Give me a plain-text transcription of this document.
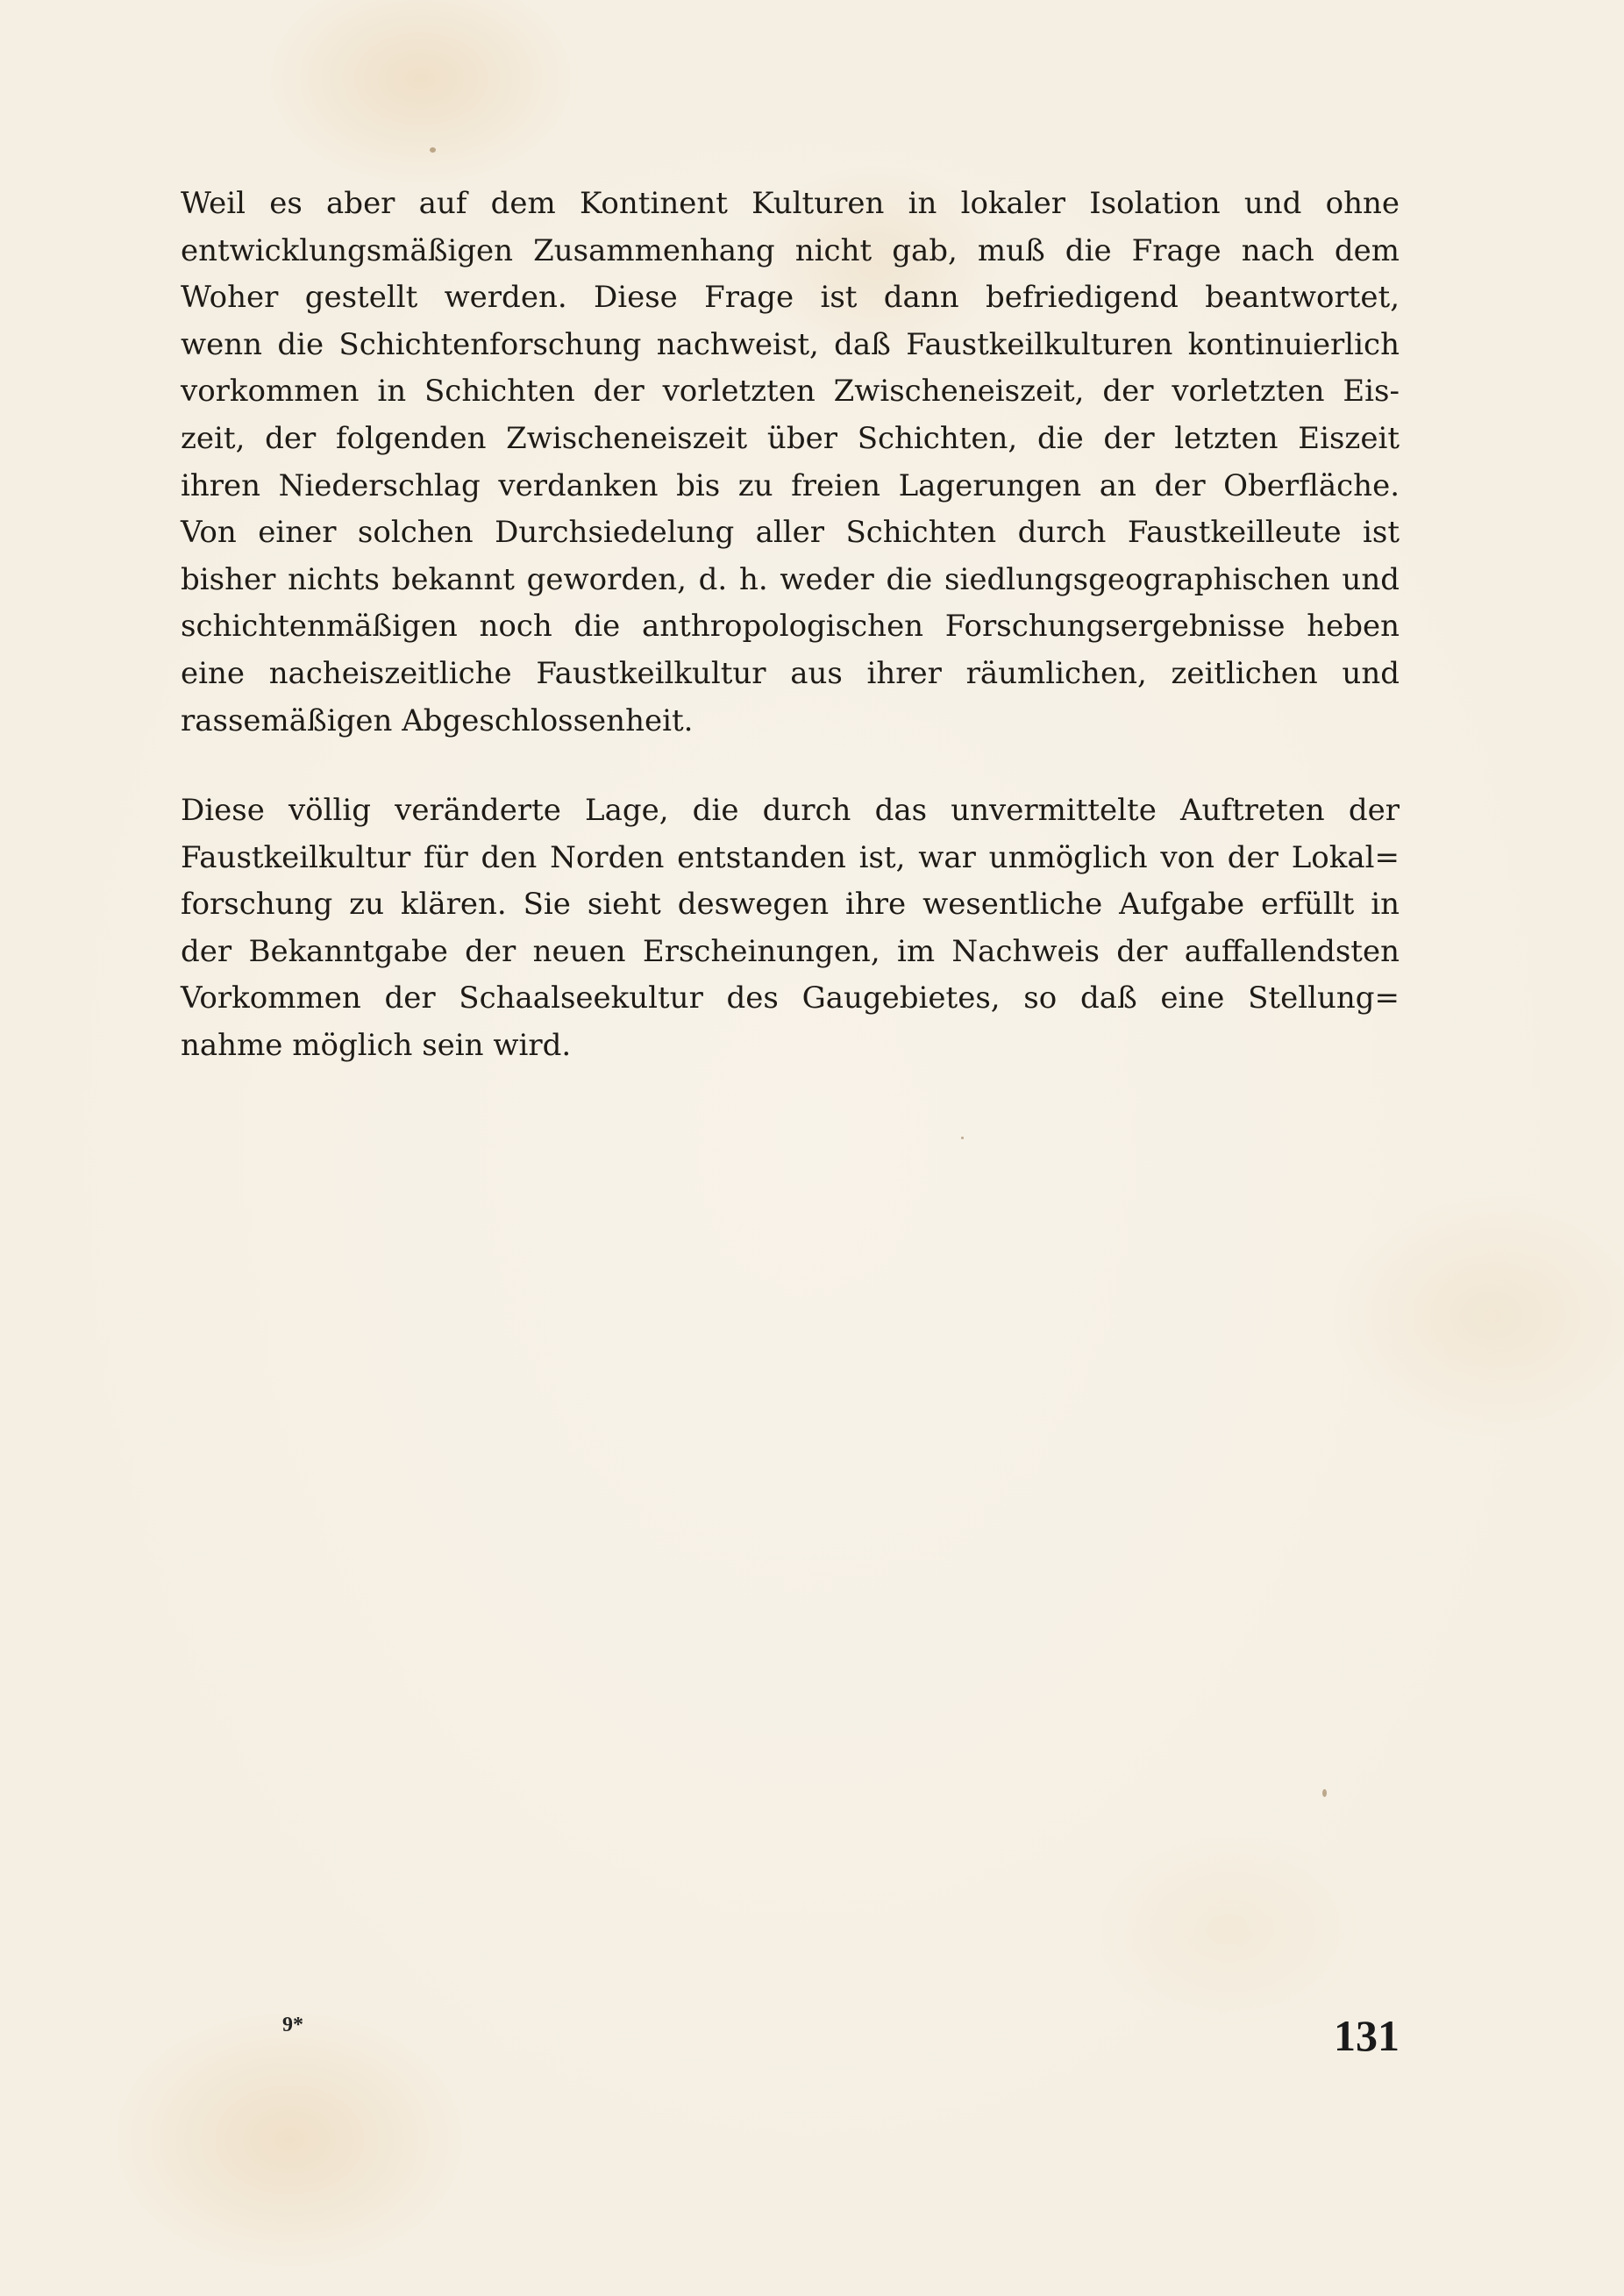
Weil es aber auf dem Kontinent Kulturen in lokaler Isolation und ohne
entwicklungsmäßigen Zusammenhang nicht gab, muß die Frage nach dem
Woher gestellt werden. Diese Frage ist dann befriedigend beantwortet,
wenn die Schichtenforschung nachweist, daß Faustkeilkulturen kontinuierlich
vorkommen in Schichten der vorletzten Zwischeneiszeit, der vorletzten Eis-
zeit, der folgenden Zwischeneiszeit über Schichten, die der letzten Eiszeit
ihren Niederschlag verdanken bis zu freien Lagerungen an der Oberfläche.
Von einer solchen Durchsiedelung aller Schichten durch Faustkeilleute ist
bisher nichts bekannt geworden, d. h. weder die siedlungsgeographischen und
schichtenmäßigen noch die anthropologischen Forschungsergebnisse heben
eine nacheiszeitliche Faustkeilkultur aus ihrer räumlichen, zeitlichen und
rassemäßigen Abgeschlossenheit.
Diese völlig veränderte Lage, die durch das unvermittelte Auftreten der
Faustkeilkultur für den Norden entstanden ist, war unmöglich von der Lokal=
forschung zu klären. Sie sieht deswegen ihre wesentliche Aufgabe erfüllt in
der Bekanntgabe der neuen Erscheinungen, im Nachweis der auffallendsten
Vorkommen der Schaalseekultur des Gaugebietes, so daß eine Stellung=
nahme möglich sein wird.
9*	131
